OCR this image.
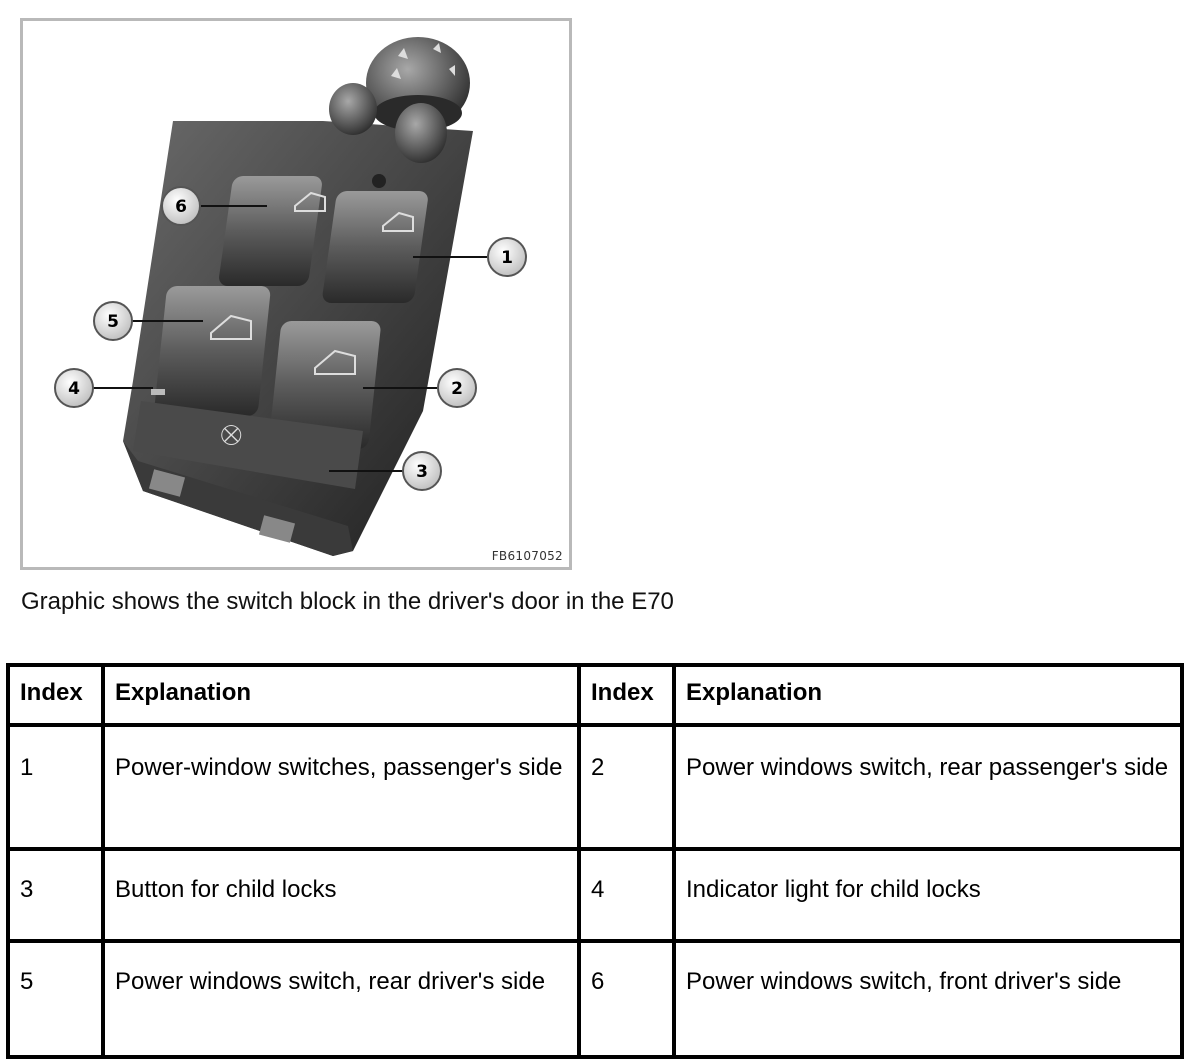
⛒
6
1
5
4	2
3
FB6107052
Graphic shows the switch block in the driver's door in the E70
Index	Explanation	Index	Explanation
1	Power-window switches, passenger's side	2	Power windows switch, rear passenger's side
3	Button for child locks	4	Indicator light for child locks
5	Power windows switch, rear driver's side	6	Power windows switch, front driver's side
